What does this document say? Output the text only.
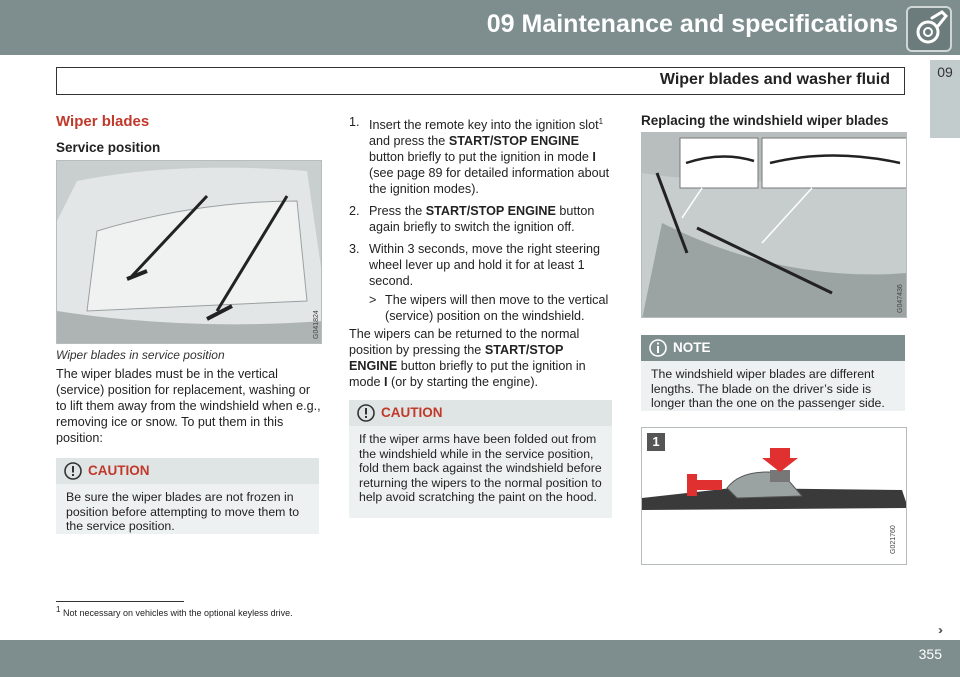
09 Maintenance and specifications
Wiper blades and washer fluid	09
Wiper blades
Service position
G041824
Wiper blades in service position
The wiper blades must be in the vertical (service) position for replacement, washing or to lift them away from the windshield when e.g., removing ice or snow. To put them in this position:
CAUTION
Be sure the wiper blades are not frozen in position before attempting to move them to the service position.
1. Insert the remote key into the ignition slot$^1$ and press the START/STOP ENGINE button briefly to put the ignition in mode I (see page 89 for detailed information about the ignition modes).
2. Press the START/STOP ENGINE button again briefly to switch the ignition off.
3. Within 3 seconds, move the right steering wheel lever up and hold it for at least 1 second.
> The wipers will then move to the vertical (service) position on the windshield.
The wipers can be returned to the normal position by pressing the START/STOP ENGINE button briefly to put the ignition in mode I (or by starting the engine).
CAUTION
If the wiper arms have been folded out from the windshield while in the service position, fold them back against the windshield before returning the wipers to the normal position to help avoid scratching the paint on the hood.
Replacing the windshield wiper blades
G047436
NOTE
The windshield wiper blades are different lengths. The blade on the driver’s side is longer than the one on the passenger side.
1
G021760
$^1$ Not necessary on vehicles with the optional keyless drive.
››
355
